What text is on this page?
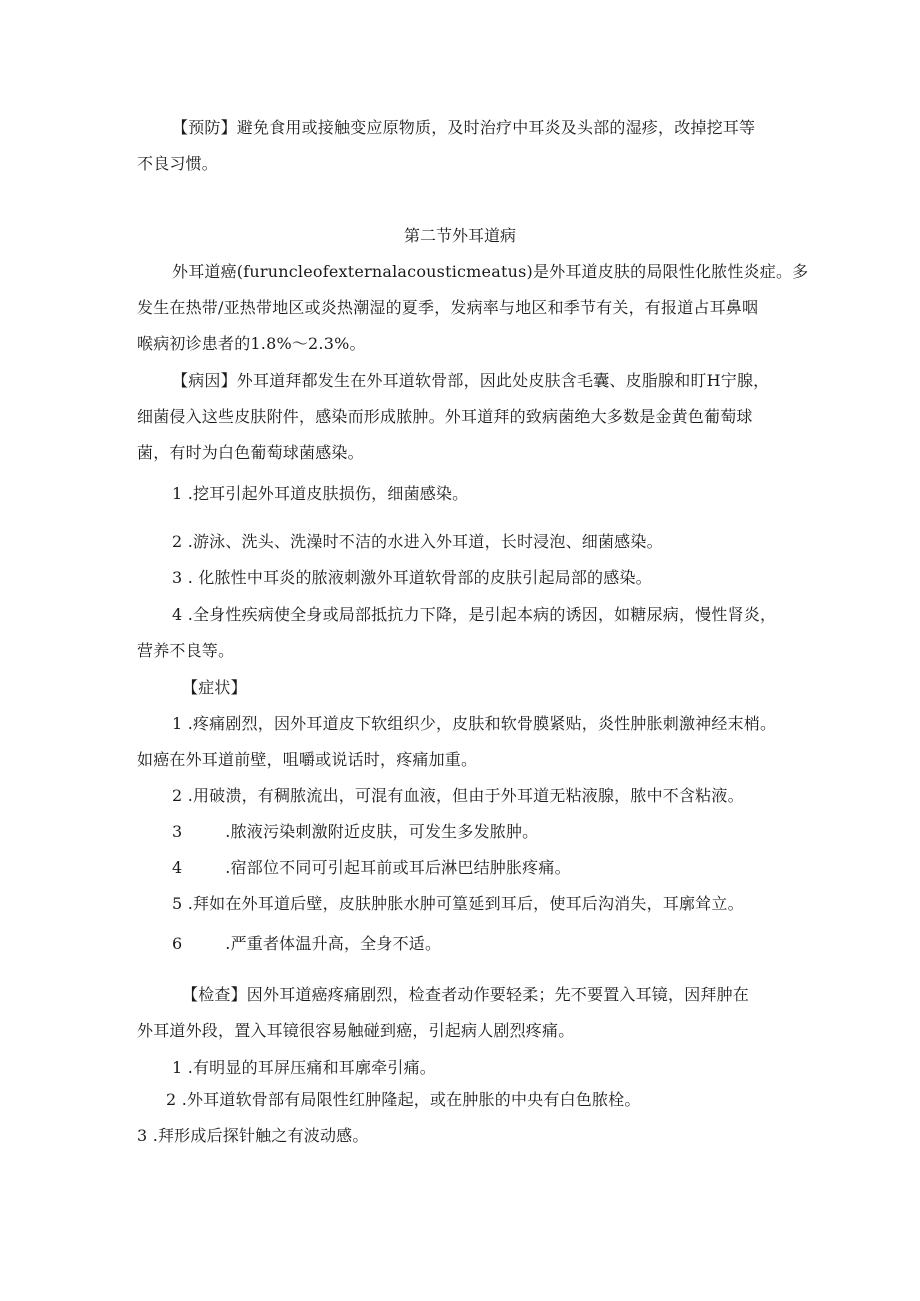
【预防】避免食用或接触变应原物质，及时治疗中耳炎及头部的湿疹，改掉挖耳等
不良习惯。
第二节外耳道病
外耳道癌(furuncleofexternalacousticmeatus)是外耳道皮肤的局限性化脓性炎症。多
发生在热带/亚热带地区或炎热潮湿的夏季，发病率与地区和季节有关，有报道占耳鼻咽
喉病初诊患者的1.8%～2.3%。
【病因】外耳道拜都发生在外耳道软骨部，因此处皮肤含毛囊、皮脂腺和盯H宁腺，
细菌侵入这些皮肤附件，感染而形成脓肿。外耳道拜的致病菌绝大多数是金黄色葡萄球
菌，有时为白色葡萄球菌感染。
1 .挖耳引起外耳道皮肤损伤，细菌感染。
2 .游泳、洗头、洗澡时不洁的水进入外耳道，长时浸泡、细菌感染。
3 . 化脓性中耳炎的脓液刺激外耳道软骨部的皮肤引起局部的感染。
4 .全身性疾病使全身或局部抵抗力下降，是引起本病的诱因，如糖尿病，慢性肾炎，
营养不良等。
【症状】
1 .疼痛剧烈，因外耳道皮下软组织少，皮肤和软骨膜紧贴，炎性肿胀刺激神经末梢。
如癌在外耳道前壁，咀嚼或说话时，疼痛加重。
2 .用破溃，有稠脓流出，可混有血液，但由于外耳道无粘液腺，脓中不含粘液。
3	.脓液污染刺激附近皮肤，可发生多发脓肿。
4	.宿部位不同可引起耳前或耳后淋巴结肿胀疼痛。
5 .拜如在外耳道后壁，皮肤肿胀水肿可篁延到耳后，使耳后沟消失，耳廓耸立。
6	.严重者体温升高，全身不适。
【检查】因外耳道癌疼痛剧烈，检查者动作要轻柔；先不要置入耳镜，因拜肿在
外耳道外段，置入耳镜很容易触碰到癌，引起病人剧烈疼痛。
1 .有明显的耳屏压痛和耳廓牵引痛。
2 .外耳道软骨部有局限性红肿隆起，或在肿胀的中央有白色脓栓。
3 .拜形成后探针触之有波动感。
